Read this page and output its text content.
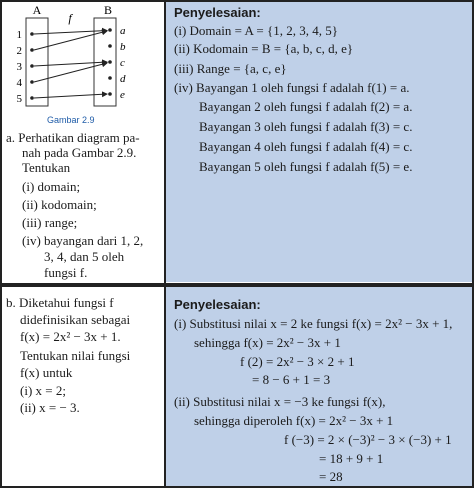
A	B
f
1
2
3
4
5
a
b
c
d
e
Gambar 2.9
a. Perhatikan diagram pa-
nah pada Gambar 2.9.
Tentukan
(i) domain;
(ii) kodomain;
(iii) range;
(iv) bayangan dari 1, 2,
3, 4, dan 5 oleh
fungsi f.
Penyelesaian:
(i) Domain = A = {1, 2, 3, 4, 5}
(ii) Kodomain = B = {a, b, c, d, e}
(iii) Range = {a, c, e}
(iv) Bayangan 1 oleh fungsi f adalah f(1) = a.
Bayangan 2 oleh fungsi f adalah f(2) = a.
Bayangan 3 oleh fungsi f adalah f(3) = c.
Bayangan 4 oleh fungsi f adalah f(4) = c.
Bayangan 5 oleh fungsi f adalah f(5) = e.
b. Diketahui fungsi f
didefinisikan sebagai
f(x) = 2x² − 3x + 1.
Tentukan nilai fungsi
f(x) untuk
(i) x = 2;
(ii) x = − 3.
Penyelesaian:
(i) Substitusi nilai x = 2 ke fungsi f(x) = 2x² − 3x + 1,
sehingga f(x) = 2x² − 3x + 1
f (2) = 2x² − 3 × 2 + 1
= 8 − 6 + 1 = 3
(ii) Substitusi nilai x = −3 ke fungsi f(x),
sehingga diperoleh f(x) = 2x² − 3x + 1
f (−3) = 2 × (−3)² − 3 × (−3) + 1
= 18 + 9 + 1
= 28
